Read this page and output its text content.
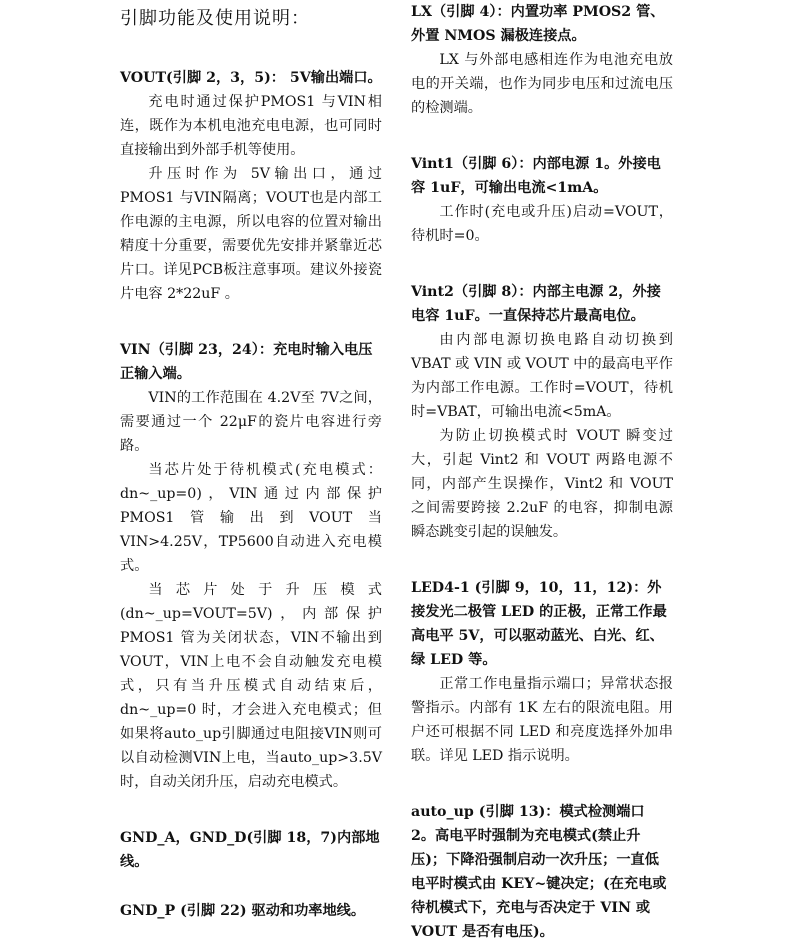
引脚功能及使用说明：

VOUT(引脚 2，3，5)： 5V输出端口。

充电时通过保护PMOS1 与VIN相连，既作为本机电池充电电源，也可同时直接输出到外部手机等使用。

升压时作为 5V输出口，通过PMOS1 与VIN隔离；VOUT也是内部工作电源的主电源，所以电容的位置对输出精度十分重要，需要优先安排并紧靠近芯片口。详见PCB板注意事项。建议外接瓷片电容 2*22uF 。

VIN（引脚 23，24）：充电时输入电压正输入端。

VIN的工作范围在 4.2V至 7V之间，需要通过一个 22μF的瓷片电容进行旁路。

当芯片处于待机模式(充电模式：dn~_up=0)，VIN通过内部保护PMOS1管输出到VOUT当VIN>4.25V，TP5600自动进入充电模式。

当芯片处于升压模式(dn~_up=VOUT=5V)，内部保护PMOS1 管为关闭状态，VIN不输出到VOUT，VIN上电不会自动触发充电模式，只有当升压模式自动结束后，dn~_up=0 时，才会进入充电模式；但如果将auto_up引脚通过电阻接VIN则可以自动检测VIN上电，当auto_up>3.5V时，自动关闭升压，启动充电模式。

GND_A，GND_D(引脚 18，7)内部地线。

GND_P (引脚 22) 驱动和功率地线。

LX（引脚 4）：内置功率 PMOS2 管、外置 NMOS 漏极连接点。

LX 与外部电感相连作为电池充电放电的开关端，也作为同步电压和过流电压的检测端。

Vint1（引脚 6）：内部电源 1。外接电容 1uF，可输出电流<1mA。

工作时(充电或升压)启动=VOUT，待机时=0。

Vint2（引脚 8）：内部主电源 2，外接电容 1uF。一直保持芯片最高电位。

由内部电源切换电路自动切换到VBAT 或 VIN 或 VOUT 中的最高电平作为内部工作电源。工作时=VOUT，待机时=VBAT，可输出电流<5mA。

为防止切换模式时 VOUT 瞬变过大，引起 Vint2 和 VOUT 两路电源不同，内部产生误操作，Vint2 和 VOUT 之间需要跨接 2.2uF 的电容，抑制电源瞬态跳变引起的误触发。

LED4-1 (引脚 9，10，11，12)：外接发光二极管 LED 的正极，正常工作最高电平 5V，可以驱动蓝光、白光、红、绿 LED 等。

正常工作电量指示端口；异常状态报警指示。内部有 1K 左右的限流电阻。用户还可根据不同 LED 和亮度选择外加串联。详见 LED 指示说明。

auto_up (引脚 13)：模式检测端口 2。高电平时强制为充电模式(禁止升压)；下降沿强制启动一次升压；一直低电平时模式由 KEY~键决定；(在充电或待机模式下，充电与否决定于 VIN 或 VOUT 是否有电压)。
